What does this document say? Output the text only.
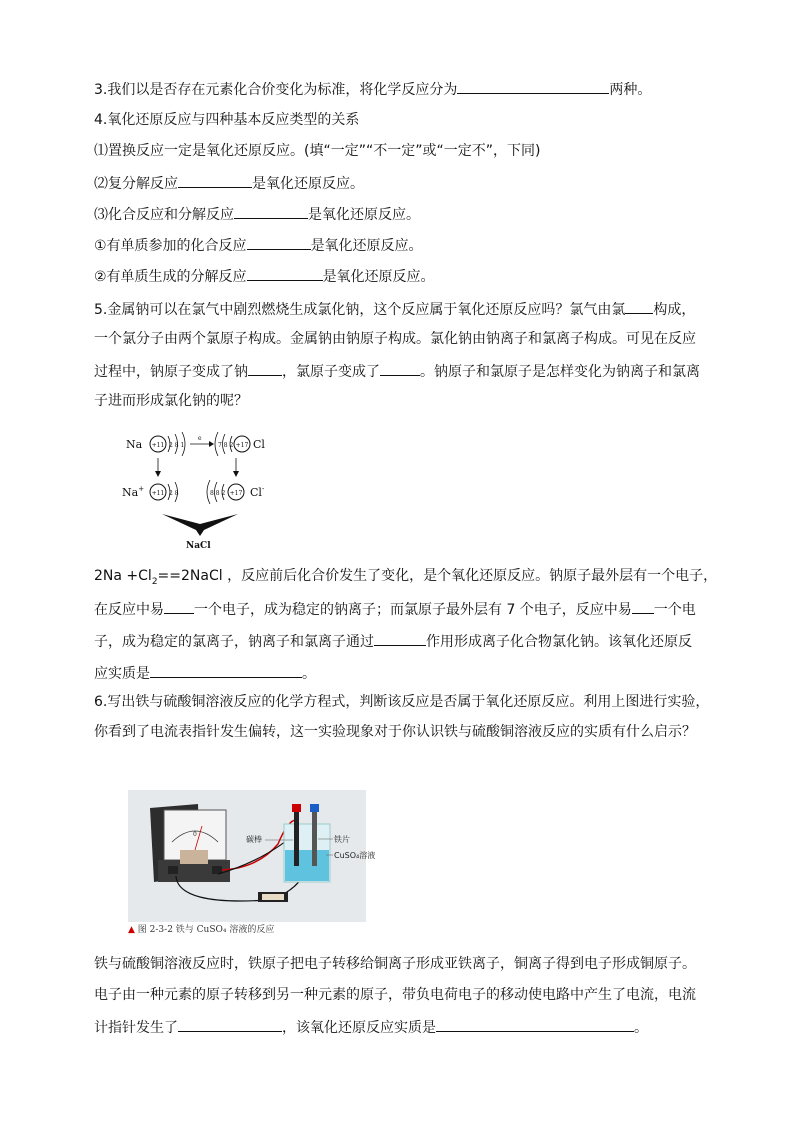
3.我们以是否存在元素化合价变化为标准，将化学反应分为	两种。
4.氧化还原反应与四种基本反应类型的关系
⑴置换反应一定是氧化还原反应。(填“一定”“不一定”或“一定不”，下同)
⑵复分解反应	是氧化还原反应。
⑶化合反应和分解反应	是氧化还原反应。
①有单质参加的化合反应	是氧化还原反应。
②有单质生成的分解反应	是氧化还原反应。
5.金属钠可以在氯气中剧烈燃烧生成氯化钠，这个反应属于氧化还原反应吗？氯气由氯 构成，
一个氯分子由两个氯原子构成。金属钠由钠原子构成。氯化钠由钠离子和氯离子构成。可见在反应
过程中，钠原子变成了钠 ，氯原子变成了	。钠原子和氯原子是怎样变化为钠离子和氯离
子进而形成氯化钠的呢？
Na +11 2 8 1
e
7 8 2 +17 Cl
Na+
+11 2 8	8 8 2 +17 Cl-
NaCl
$2Na +Cl_2==2NaCl$ ，反应前后化合价发生了变化，是个氧化还原反应。钠原子最外层有一个电子，
在反应中易 一个电子，成为稳定的钠离子；而氯原子最外层有 7 个电子，反应中易 一个电
子，成为稳定的氯离子，钠离子和氯离子通过	作用形成离子化合物氯化钠。该氧化还原反
应实质是	。
6.写出铁与硫酸铜溶液反应的化学方程式，判断该反应是否属于氧化还原反应。利用上图进行实验，
你看到了电流表指针发生偏转，这一实验现象对于你认识铁与硫酸铜溶液反应的实质有什么启示？
0
碳棒	铁片
CuSO₄溶液
▲ 图 2-3-2 铁与 CuSO₄ 溶液的反应
铁与硫酸铜溶液反应时，铁原子把电子转移给铜离子形成亚铁离子，铜离子得到电子形成铜原子。
电子由一种元素的原子转移到另一种元素的原子，带负电荷电子的移动使电路中产生了电流，电流
计指针发生了	，该氧化还原反应实质是	。
